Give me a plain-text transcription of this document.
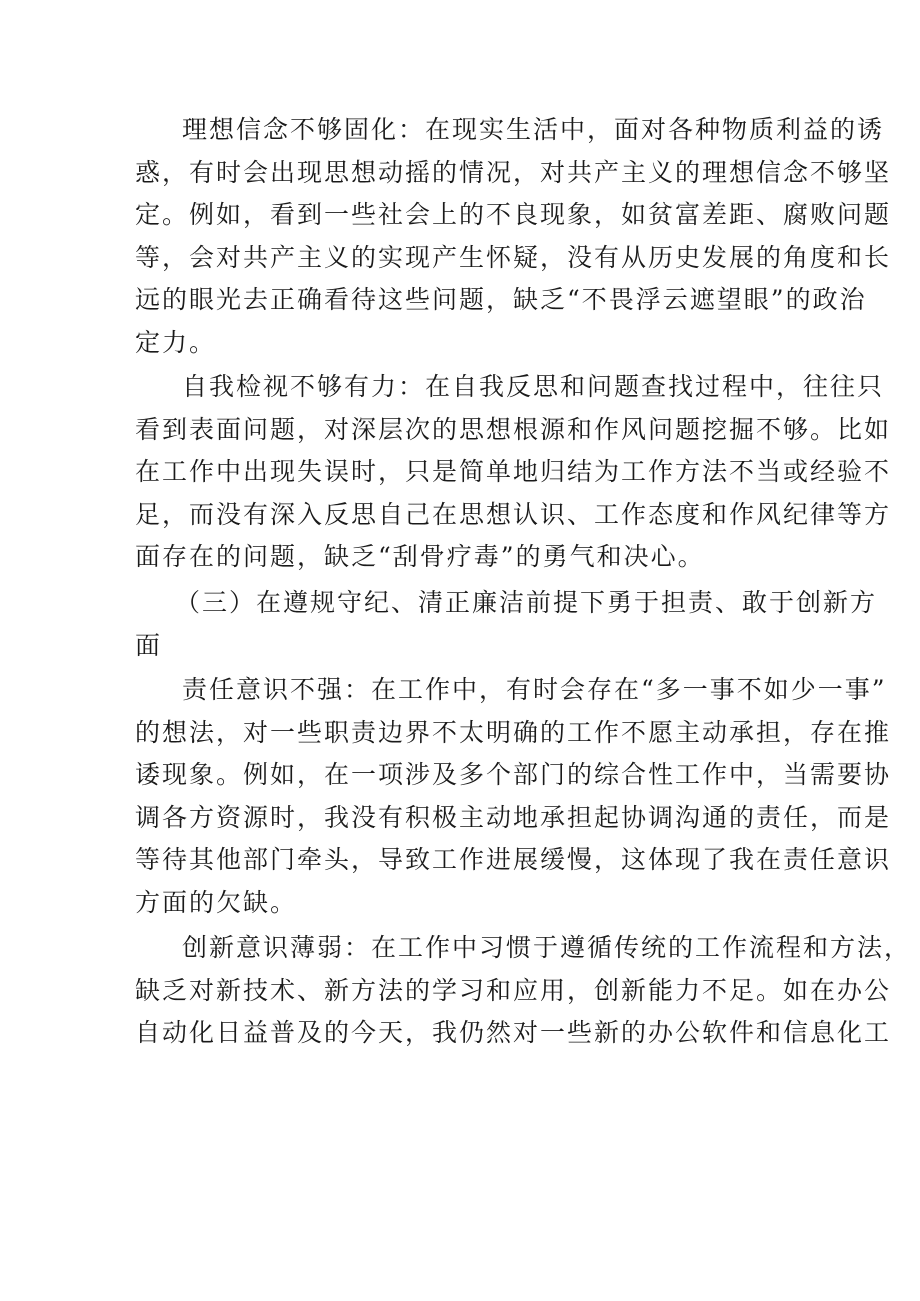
理想信念不够固化：在现实生活中，面对各种物质利益的诱
惑，有时会出现思想动摇的情况，对共产主义的理想信念不够坚
定。例如，看到一些社会上的不良现象，如贫富差距、腐败问题
等，会对共产主义的实现产生怀疑，没有从历史发展的角度和长
远的眼光去正确看待这些问题，缺乏“不畏浮云遮望眼”的政治
定力。
自我检视不够有力：在自我反思和问题查找过程中，往往只
看到表面问题，对深层次的思想根源和作风问题挖掘不够。比如
在工作中出现失误时，只是简单地归结为工作方法不当或经验不
足，而没有深入反思自己在思想认识、工作态度和作风纪律等方
面存在的问题，缺乏“刮骨疗毒”的勇气和决心。
（三）在遵规守纪、清正廉洁前提下勇于担责、敢于创新方
面
责任意识不强：在工作中，有时会存在“多一事不如少一事”
的想法，对一些职责边界不太明确的工作不愿主动承担，存在推
诿现象。例如，在一项涉及多个部门的综合性工作中，当需要协
调各方资源时，我没有积极主动地承担起协调沟通的责任，而是
等待其他部门牵头，导致工作进展缓慢，这体现了我在责任意识
方面的欠缺。
创新意识薄弱：在工作中习惯于遵循传统的工作流程和方法，
缺乏对新技术、新方法的学习和应用，创新能力不足。如在办公
自动化日益普及的今天，我仍然对一些新的办公软件和信息化工
